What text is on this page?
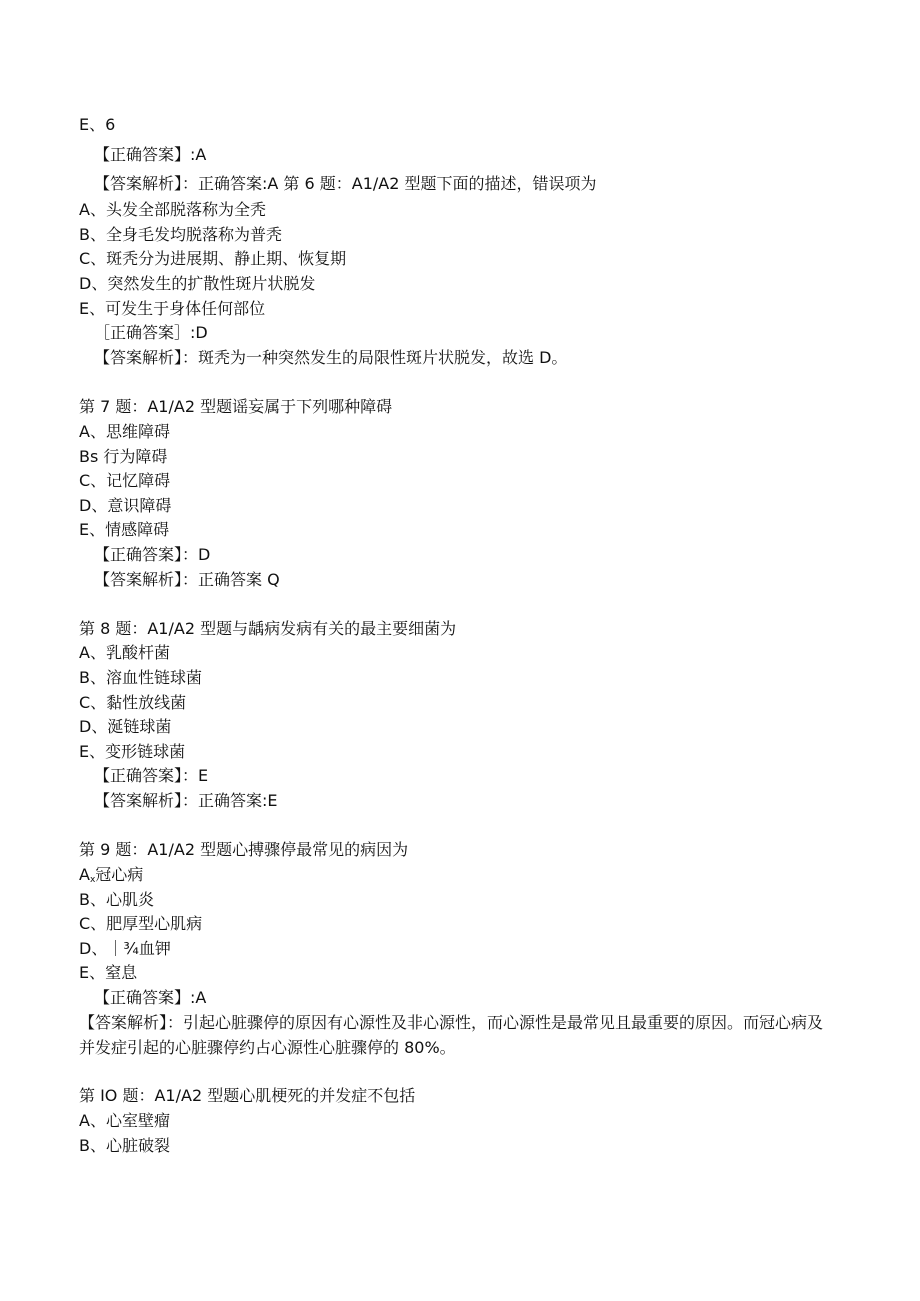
E、6
【正确答案】:A
【答案解析】：正确答案:A 第 6 题：A1/A2 型题下面的描述，错误项为
A、头发全部脱落称为全秃
B、全身毛发均脱落称为普秃
C、斑秃分为进展期、静止期、恢复期
D、突然发生的扩散性斑片状脱发
E、可发生于身体任何部位
［正确答案］:D
【答案解析】：斑秃为一种突然发生的局限性斑片状脱发，故选 D。
第 7 题：A1/A2 型题谣妄属于下列哪种障碍
A、思维障碍
Bs 行为障碍
C、记忆障碍
D、意识障碍
E、情感障碍
【正确答案】：D
【答案解析】：正确答案 Q
第 8 题：A1/A2 型题与龋病发病有关的最主要细菌为
A、乳酸杆菌
B、溶血性链球菌
C、黏性放线菌
D、涎链球菌
E、变形链球菌
【正确答案】：E
【答案解析】：正确答案:E
第 9 题：A1/A2 型题心搏骤停最常见的病因为
$A_x$冠心病
B、心肌炎
C、肥厚型心肌病
D、｜¾血钾
E、窒息
【正确答案】:A
【答案解析】：引起心脏骤停的原因有心源性及非心源性，而心源性是最常见且最重要的原因。而冠心病及并发症引起的心脏骤停约占心源性心脏骤停的 80%。
第 IO 题：A1/A2 型题心肌梗死的并发症不包括
A、心室壁瘤
B、心脏破裂
